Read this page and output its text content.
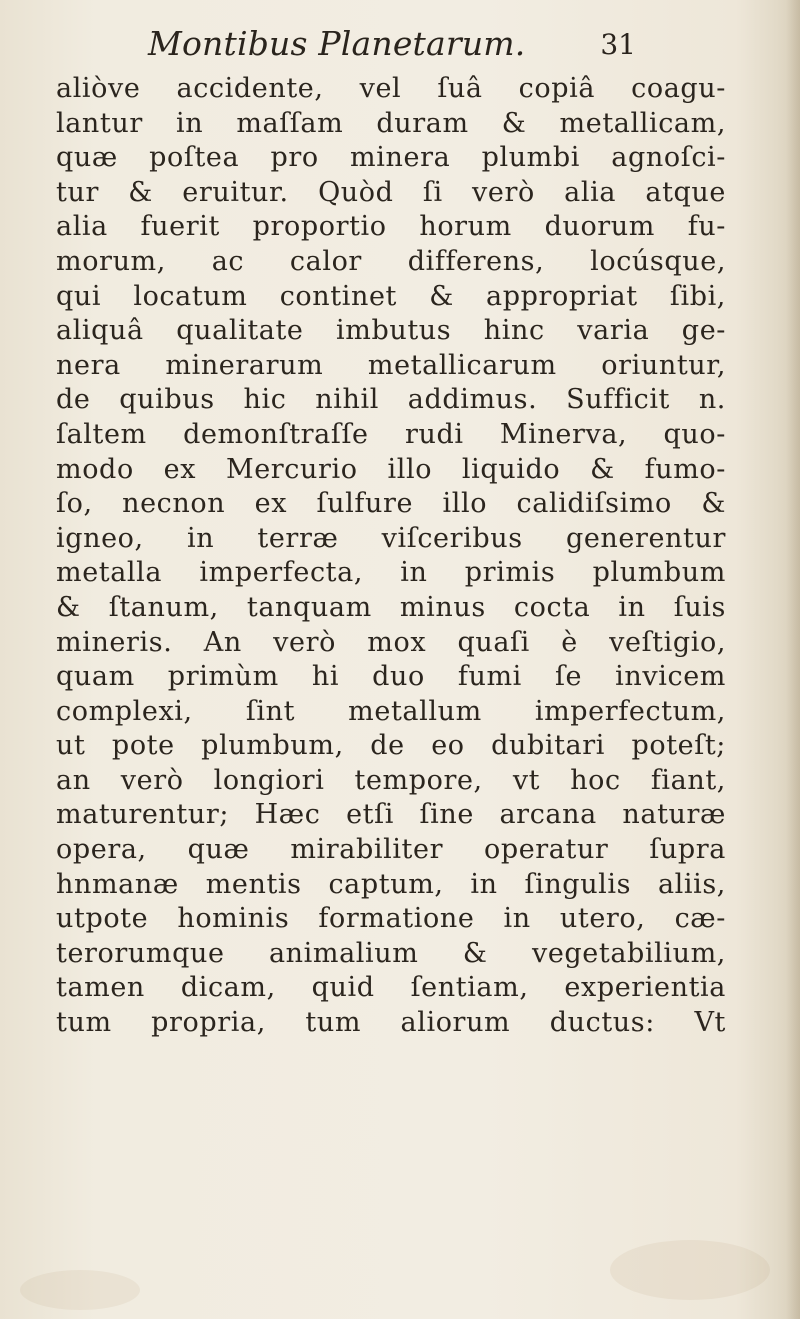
Montibus Planetarum.	31
aliòve accidente, vel ſuâ copiâ coagu-
lantur in maſſam duram & metallicam,
quæ poſtea pro minera plumbi agnoſci-
tur & eruitur. Quòd ſi verò alia atque
alia fuerit proportio horum duorum fu-
morum, ac calor differens, locúsque,
qui locatum continet & appropriat ſibi,
aliquâ qualitate imbutus hinc varia ge-
nera minerarum metallicarum oriuntur,
de quibus hic nihil addimus. Sufficit n.
ſaltem demonſtraſſe rudi Minerva, quo-
modo ex Mercurio illo liquido & fumo-
ſo, necnon ex ſulfure illo calidiſsimo &
igneo, in terræ viſceribus generentur
metalla imperfecta, in primis plumbum
& ſtanum, tanquam minus cocta in ſuis
mineris. An verò mox quaſi è veſtigio,
quam primùm hi duo fumi ſe invicem
complexi, ſint metallum imperfectum,
ut pote plumbum, de eo dubitari poteſt;
an verò longiori tempore, vt hoc fiant,
maturentur; Hæc etſi ſine arcana naturæ
opera, quæ mirabiliter operatur ſupra
hnmanæ mentis captum, in ſingulis aliis,
utpote hominis formatione in utero, cæ-
terorumque animalium & vegetabilium,
tamen dicam, quid ſentiam, experientia
tum propria, tum aliorum ductus: Vt
